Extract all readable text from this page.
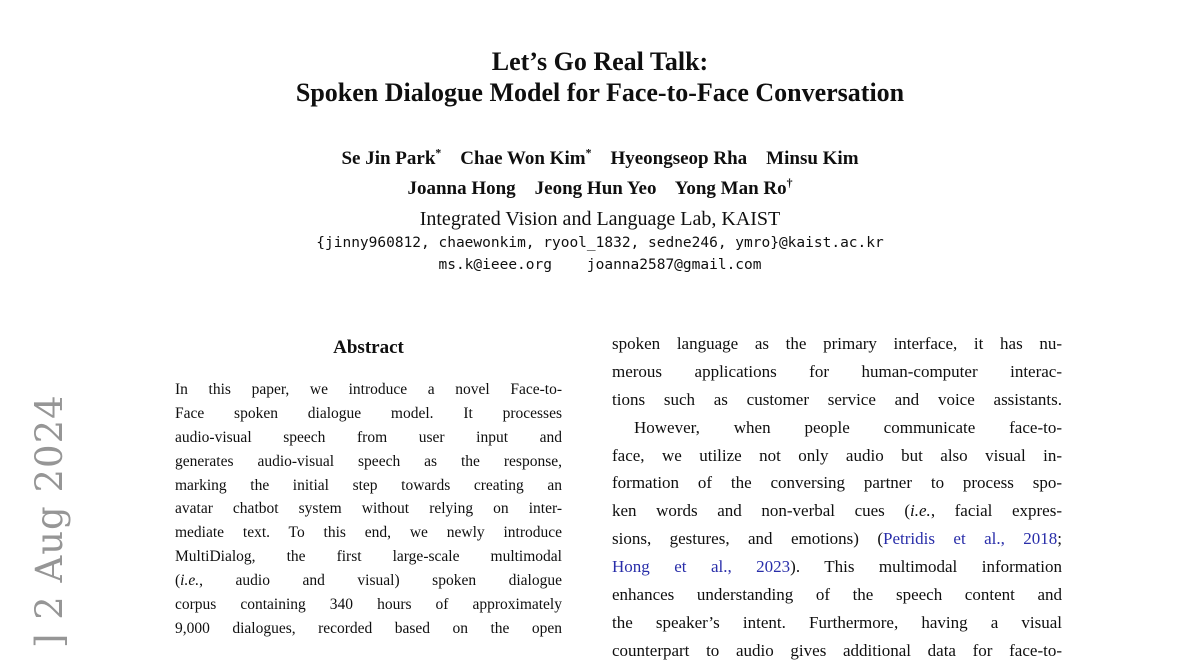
] 2 Aug 2024
Let’s Go Real Talk:
Spoken Dialogue Model for Face-to-Face Conversation
Se Jin Park*    Chae Won Kim*    Hyeongseop Rha    Minsu Kim
Joanna Hong    Jeong Hun Yeo    Yong Man Ro†
Integrated Vision and Language Lab, KAIST
{jinny960812, chaewonkim, ryool_1832, sedne246, ymro}@kaist.ac.kr
ms.k@ieee.org    joanna2587@gmail.com
Abstract
In this paper, we introduce a novel Face-to-
Face spoken dialogue model. It processes
audio-visual speech from user input and
generates audio-visual speech as the response,
marking the initial step towards creating an
avatar chatbot system without relying on inter-
mediate text. To this end, we newly introduce
MultiDialog, the first large-scale multimodal
(i.e., audio and visual) spoken dialogue
corpus containing 340 hours of approximately
9,000 dialogues, recorded based on the open
spoken language as the primary interface, it has nu-
merous applications for human-computer interac-
tions such as customer service and voice assistants.
However, when people communicate face-to-
face, we utilize not only audio but also visual in-
formation of the conversing partner to process spo-
ken words and non-verbal cues (i.e., facial expres-
sions, gestures, and emotions) (Petridis et al., 2018;
Hong et al., 2023). This multimodal information
enhances understanding of the speech content and
the speaker’s intent. Furthermore, having a visual
counterpart to audio gives additional data for face-to-
